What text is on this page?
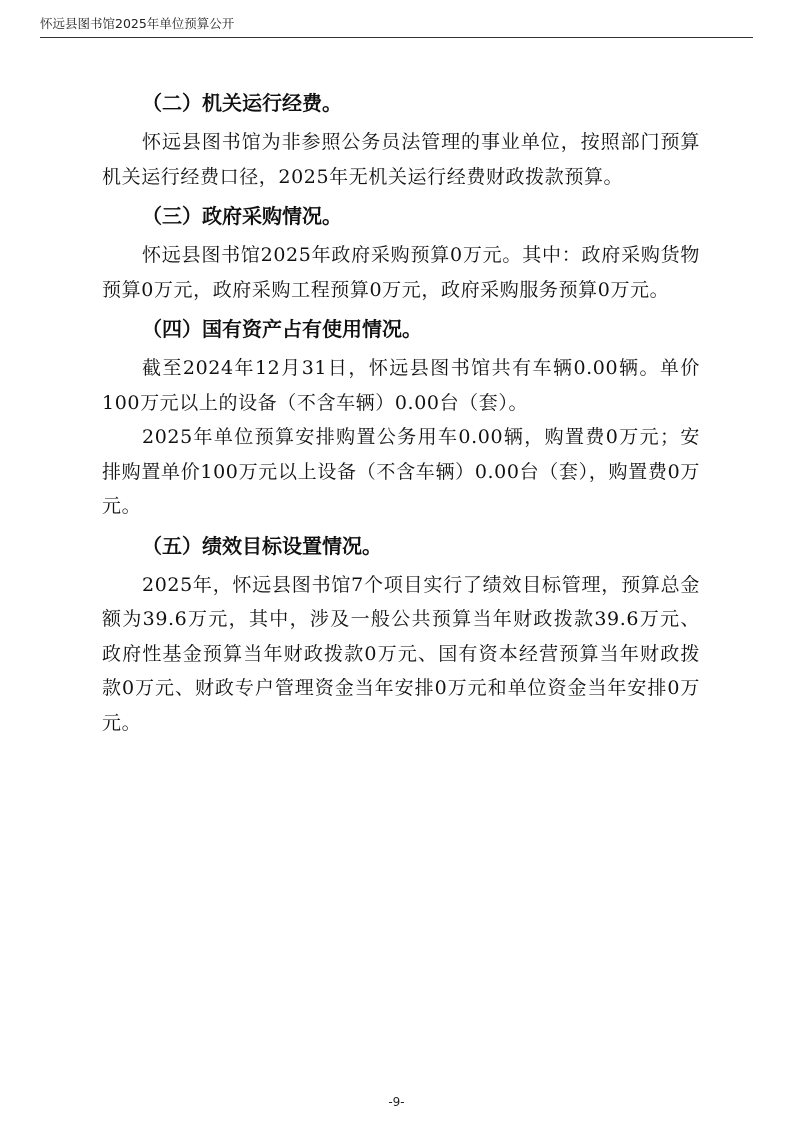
怀远县图书馆2025年单位预算公开

（二）机关运行经费。

怀远县图书馆为非参照公务员法管理的事业单位，按照部门预算机关运行经费口径，2025年无机关运行经费财政拨款预算。

（三）政府采购情况。

怀远县图书馆2025年政府采购预算0万元。其中：政府采购货物预算0万元，政府采购工程预算0万元，政府采购服务预算0万元。

（四）国有资产占有使用情况。

截至2024年12月31日，怀远县图书馆共有车辆0.00辆。单价100万元以上的设备（不含车辆）0.00台（套）。

2025年单位预算安排购置公务用车0.00辆，购置费0万元；安排购置单价100万元以上设备（不含车辆）0.00台（套），购置费0万元。

（五）绩效目标设置情况。

2025年，怀远县图书馆7个项目实行了绩效目标管理，预算总金额为39.6万元，其中，涉及一般公共预算当年财政拨款39.6万元、政府性基金预算当年财政拨款0万元、国有资本经营预算当年财政拨款0万元、财政专户管理资金当年安排0万元和单位资金当年安排0万元。

-9-
